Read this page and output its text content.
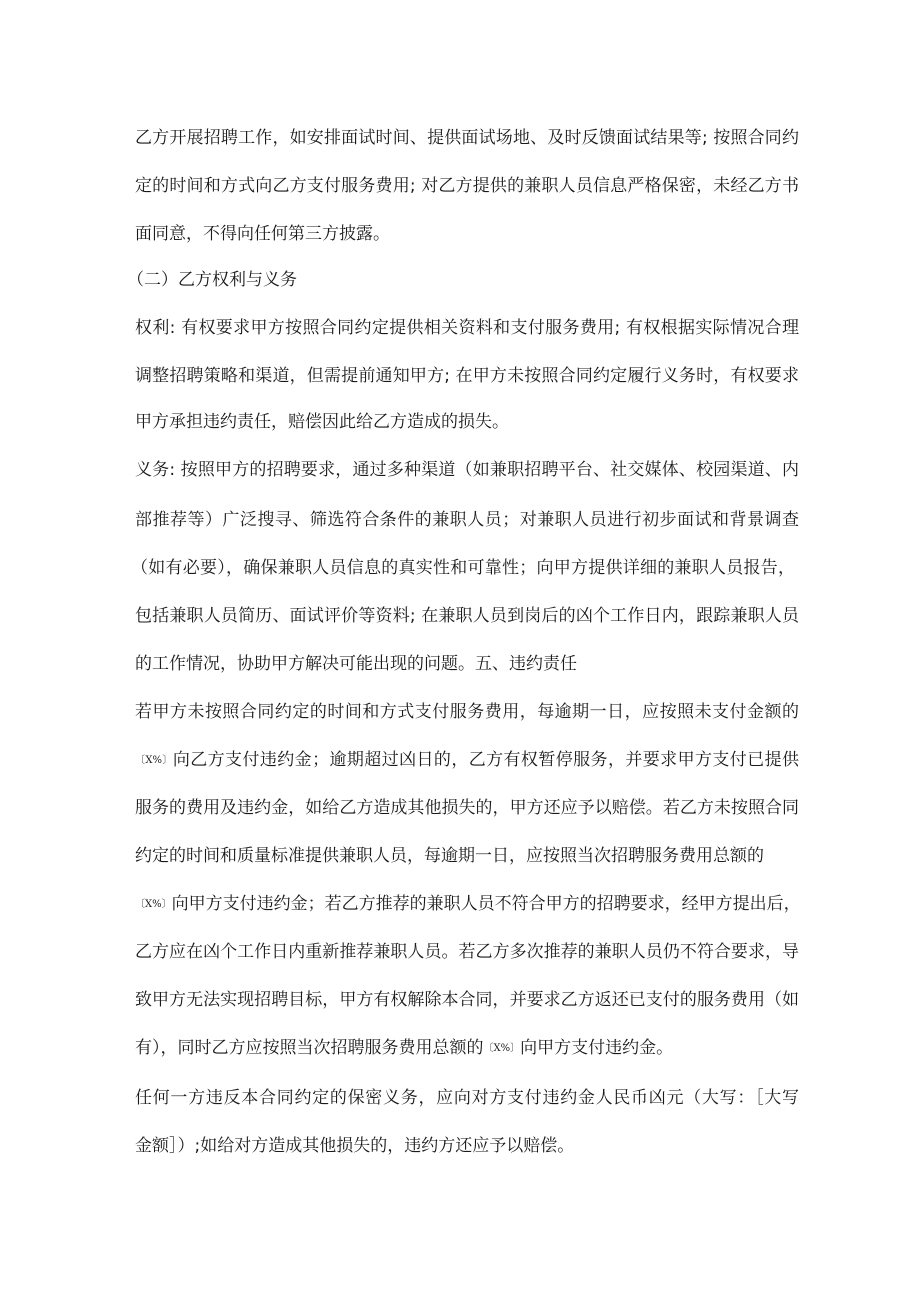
乙方开展招聘工作，如安排面试时间、提供面试场地、及时反馈面试结果等; 按照合同约
定的时间和方式向乙方支付服务费用; 对乙方提供的兼职人员信息严格保密，未经乙方书
面同意，不得向任何第三方披露。
（二）乙方权利与义务
权利: 有权要求甲方按照合同约定提供相关资料和支付服务费用; 有权根据实际情况合理
调整招聘策略和渠道，但需提前通知甲方; 在甲方未按照合同约定履行义务时，有权要求
甲方承担违约责任，赔偿因此给乙方造成的损失。
义务: 按照甲方的招聘要求，通过多种渠道（如兼职招聘平台、社交媒体、校园渠道、内
部推荐等）广泛搜寻、筛选符合条件的兼职人员；对兼职人员进行初步面试和背景调查
（如有必要），确保兼职人员信息的真实性和可靠性；向甲方提供详细的兼职人员报告，
包括兼职人员简历、面试评价等资料; 在兼职人员到岗后的凶个工作日内，跟踪兼职人员
的工作情况，协助甲方解决可能出现的问题。五、违约责任
若甲方未按照合同约定的时间和方式支付服务费用，每逾期一日，应按照未支付金额的
〔X%〕向乙方支付违约金；逾期超过凶日的，乙方有权暂停服务，并要求甲方支付已提供
服务的费用及违约金，如给乙方造成其他损失的，甲方还应予以赔偿。若乙方未按照合同
约定的时间和质量标准提供兼职人员，每逾期一日，应按照当次招聘服务费用总额的
〔X%〕向甲方支付违约金；若乙方推荐的兼职人员不符合甲方的招聘要求，经甲方提出后，
乙方应在凶个工作日内重新推荐兼职人员。若乙方多次推荐的兼职人员仍不符合要求，导
致甲方无法实现招聘目标，甲方有权解除本合同，并要求乙方返还已支付的服务费用（如
有），同时乙方应按照当次招聘服务费用总额的〔X%〕向甲方支付违约金。
任何一方违反本合同约定的保密义务，应向对方支付违约金人民币凶元（大写：［大写
金额］）;如给对方造成其他损失的，违约方还应予以赔偿。
